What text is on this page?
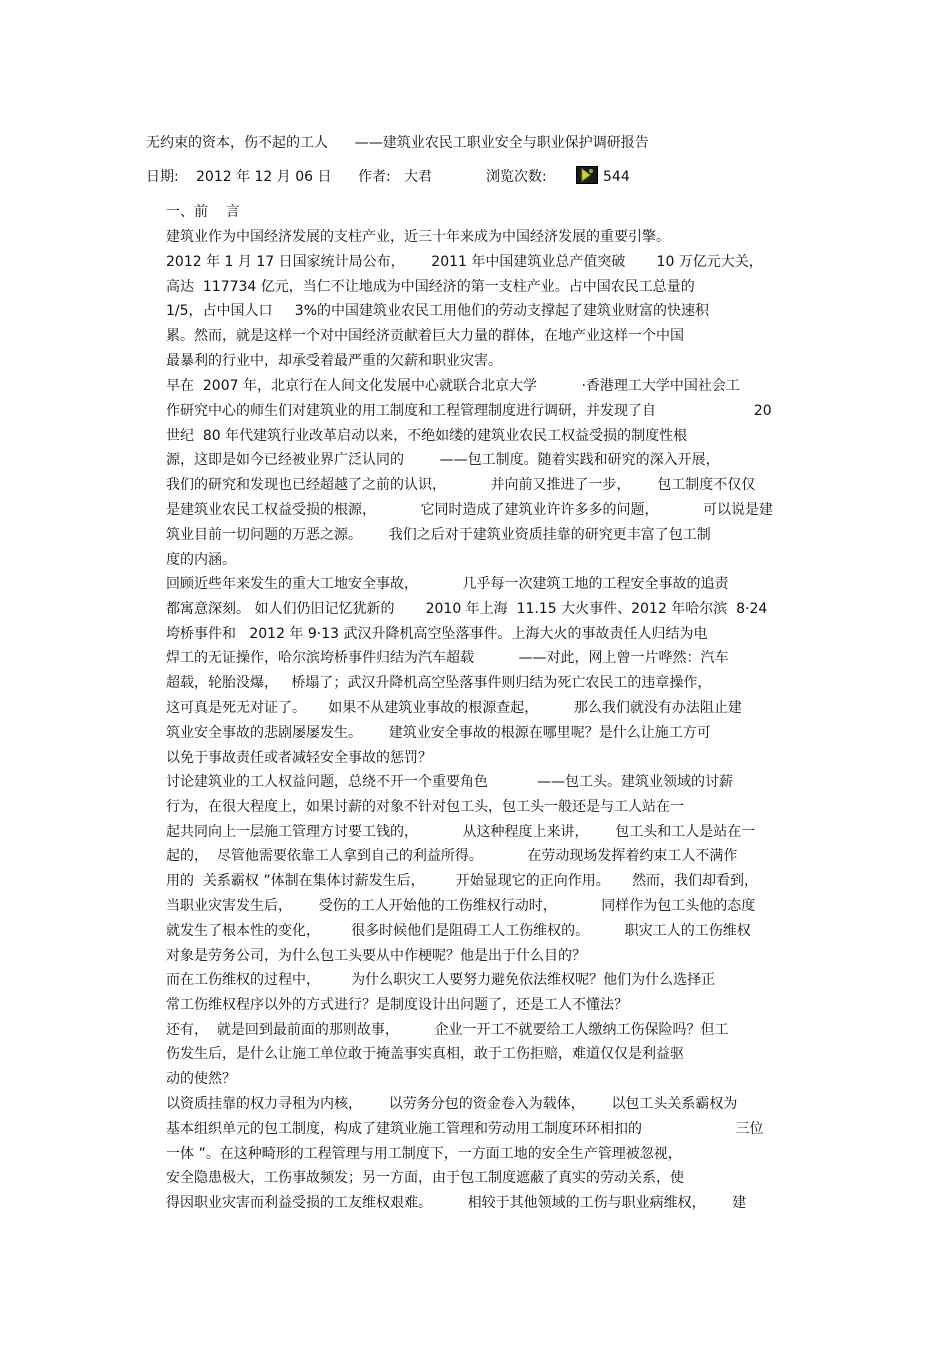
无约束的资本，伤不起的工人      ——建筑业农民工职业安全与职业保护调研报告
日期: 2012 年 12 月 06 日 作者: 大君	浏览次数:	544
一、前    言
建筑业作为中国经济发展的支柱产业，近三十年来成为中国经济发展的重要引擎。
2012 年 1 月 17 日国家统计局公布，      2011 年中国建筑业总产值突破       10 万亿元大关，
高达  117734 亿元，当仁不让地成为中国经济的第一支柱产业。占中国农民工总量的
1/5，占中国人口     3%的中国建筑业农民工用他们的劳动支撑起了建筑业财富的快速积
累。然而，就是这样一个对中国经济贡献着巨大力量的群体，在地产业这样一个中国
最暴利的行业中，却承受着最严重的欠薪和职业灾害。
早在  2007 年，北京行在人间文化发展中心就联合北京大学          ·香港理工大学中国社会工
作研究中心的师生们对建筑业的用工制度和工程管理制度进行调研，并发现了自                      20
世纪  80 年代建筑行业改革启动以来，不绝如缕的建筑业农民工权益受损的制度性根
源，这即是如今已经被业界广泛认同的        ——包工制度。随着实践和研究的深入开展，
我们的研究和发现也已经超越了之前的认识，          并向前又推进了一步，      包工制度不仅仅
是建筑业农民工权益受损的根源，          它同时造成了建筑业许许多多的问题，          可以说是建
筑业目前一切问题的万恶之源。      我们之后对于建筑业资质挂靠的研究更丰富了包工制
度的内涵。
回顾近些年来发生的重大工地安全事故，          几乎每一次建筑工地的工程安全事故的追责
都寓意深刻。 如人们仍旧记忆犹新的       2010 年上海  11.15 大火事件、2012 年哈尔滨  8·24
垮桥事件和   2012 年 9·13 武汉升降机高空坠落事件。上海大火的事故责任人归结为电
焊工的无证操作，哈尔滨垮桥事件归结为汽车超载          ——对此，网上曾一片哗然：汽车
超载，轮胎没爆，   桥塌了；武汉升降机高空坠落事件则归结为死亡农民工的违章操作，
这可真是死无对证了。     如果不从建筑业事故的根源查起，        那么我们就没有办法阻止建
筑业安全事故的悲剧屡屡发生。      建筑业安全事故的根源在哪里呢？是什么让施工方可
以免于事故责任或者减轻安全事故的惩罚？
讨论建筑业的工人权益问题，总绕不开一个重要角色           ——包工头。建筑业领域的讨薪
行为，在很大程度上，如果讨薪的对象不针对包工头，包工头一般还是与工人站在一
起共同向上一层施工管理方讨要工钱的，          从这种程度上来讲，      包工头和工人是站在一
起的，  尽管他需要依靠工人拿到自己的利益所得。          在劳动现场发挥着约束工人不满作
用的  关系霸权 ”体制在集体讨薪发生后，       开始显现它的正向作用。     然而，我们却看到，
当职业灾害发生后，      受伤的工人开始他的工伤维权行动时，          同样作为包工头他的态度
就发生了根本性的变化，       很多时候他们是阻碍工人工伤维权的。        职灾工人的工伤维权
对象是劳务公司，为什么包工头要从中作梗呢？他是出于什么目的？
而在工伤维权的过程中，       为什么职灾工人要努力避免依法维权呢？他们为什么选择正
常工伤维权程序以外的方式进行？是制度设计出问题了，还是工人不懂法？
还有，  就是回到最前面的那则故事，        企业一开工不就要给工人缴纳工伤保险吗？但工
伤发生后，是什么让施工单位敢于掩盖事实真相，敢于工伤拒赔，难道仅仅是利益驱
动的使然？
以资质挂靠的权力寻租为内核，      以劳务分包的资金卷入为载体，      以包工头关系霸权为
基本组织单元的包工制度，构成了建筑业施工管理和劳动用工制度环环相扣的                     三位
一体 ”。在这种畸形的工程管理与用工制度下，一方面工地的安全生产管理被忽视，
安全隐患极大，工伤事故频发；另一方面，由于包工制度遮蔽了真实的劳动关系，使
得因职业灾害而利益受损的工友维权艰难。        相较于其他领域的工伤与职业病维权，      建
